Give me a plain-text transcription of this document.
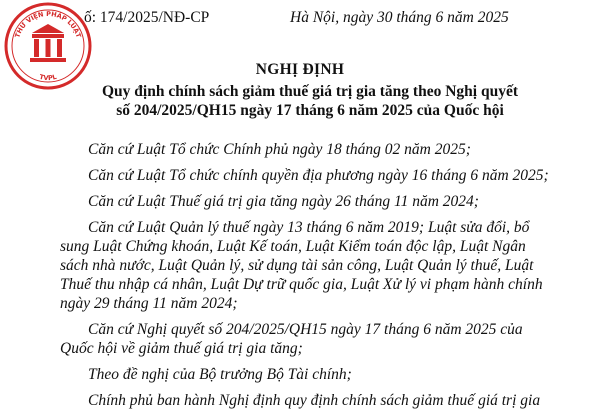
THƯ VIỆN PHÁP LUẬT
TVPL
ố: 174/2025/NĐ-CP	Hà Nội, ngày 30 tháng 6 năm 2025
NGHỊ ĐỊNH
Quy định chính sách giảm thuế giá trị gia tăng theo Nghị quyết
số 204/2025/QH15 ngày 17 tháng 6 năm 2025 của Quốc hội

Căn cứ Luật Tổ chức Chính phủ ngày 18 tháng 02 năm 2025;

Căn cứ Luật Tổ chức chính quyền địa phương ngày 16 tháng 6 năm 2025;

Căn cứ Luật Thuế giá trị gia tăng ngày 26 tháng 11 năm 2024;

Căn cứ Luật Quản lý thuế ngày 13 tháng 6 năm 2019; Luật sửa đổi, bổ
sung Luật Chứng khoán, Luật Kế toán, Luật Kiểm toán độc lập, Luật Ngân
sách nhà nước, Luật Quản lý, sử dụng tài sản công, Luật Quản lý thuế, Luật
Thuế thu nhập cá nhân, Luật Dự trữ quốc gia, Luật Xử lý vi phạm hành chính
ngày 29 tháng 11 năm 2024;

Căn cứ Nghị quyết số 204/2025/QH15 ngày 17 tháng 6 năm 2025 của
Quốc hội về giảm thuế giá trị gia tăng;

Theo đề nghị của Bộ trưởng Bộ Tài chính;

Chính phủ ban hành Nghị định quy định chính sách giảm thuế giá trị gia
